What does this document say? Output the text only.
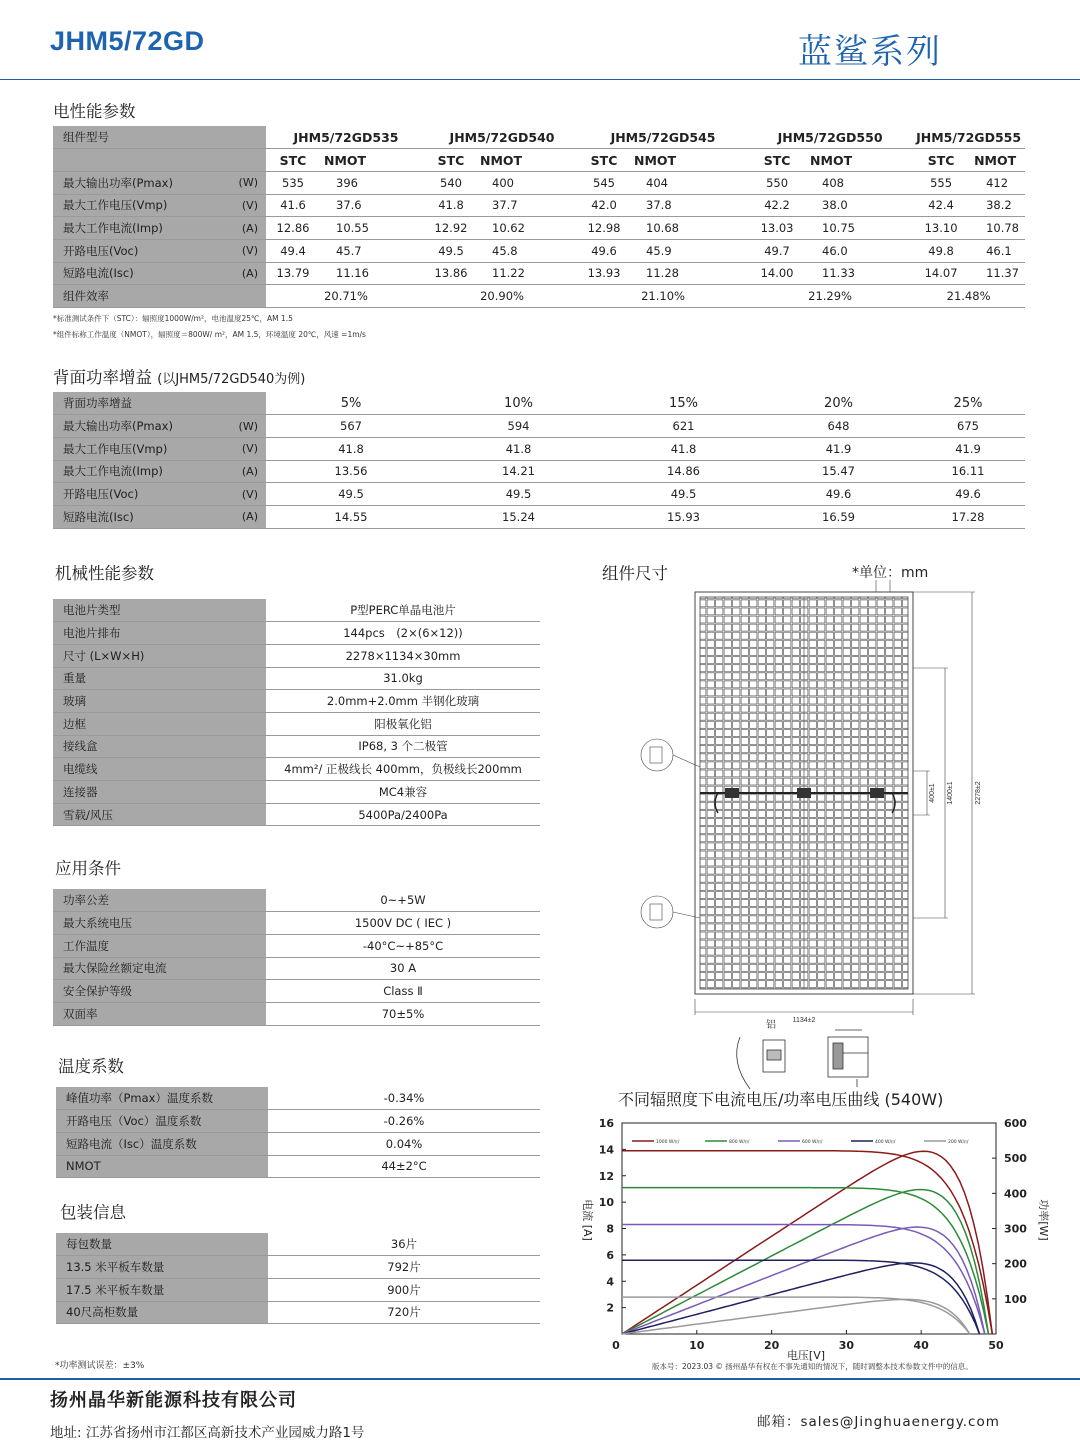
JHM5/72GD	蓝鲨系列
电性能参数
组件型号		JHM5/72GD535		JHM5/72GD540		JHM5/72GD545		JHM5/72GD550		JHM5/72GD555	
		STC	NMOT	STC	NMOT	STC	NMOT	STC	NMOT	STC	NMOT
最大输出功率(Pmax)	(W)	535	396	540	400	545	404	550	408	555	412
最大工作电压(Vmp)	(V)	41.6	37.6	41.8	37.7	42.0	37.8	42.2	38.0	42.4	38.2
最大工作电流(Imp)	(A)	12.86	10.55	12.92	10.62	12.98	10.68	13.03	10.75	13.10	10.78
开路电压(Voc)	(V)	49.4	45.7	49.5	45.8	49.6	45.9	49.7	46.0	49.8	46.1
短路电流(Isc)	(A)	13.79	11.16	13.86	11.22	13.93	11.28	14.00	11.33	14.07	11.37
组件效率		20.71%		20.90%		21.10%		21.29%		21.48%	
*标准测试条件下（STC）：辐照度1000W/m²，电池温度25℃，AM 1.5
*组件标称工作温度（NMOT），辐照度＝800W/ m²，AM 1.5，环境温度 20℃，风速 =1m/s
背面功率增益 (以JHM5/72GD540为例)
背面功率增益		5%	10%	15%	20%	25%
最大输出功率(Pmax)	(W)	567	594	621	648	675
最大工作电压(Vmp)	(V)	41.8	41.8	41.8	41.9	41.9
最大工作电流(Imp)	(A)	13.56	14.21	14.86	15.47	16.11
开路电压(Voc)	(V)	49.5	49.5	49.5	49.6	49.6
短路电流(Isc)	(A)	14.55	15.24	15.93	16.59	17.28
机械性能参数
电池片类型	P型PERC单晶电池片
电池片排布	144pcs　(2×(6×12))
尺寸 (L×W×H)	2278×1134×30mm
重量	31.0kg
玻璃	2.0mm+2.0mm 半钢化玻璃
边框	阳极氧化铝
接线盒	IP68, 3 个二极管
电缆线	4mm²/ 正极线长 400mm，负极线长200mm
连接器	MC4兼容
雪载/风压	5400Pa/2400Pa
应用条件
功率公差	0~+5W
最大系统电压	1500V DC ( IEC )
工作温度	-40°C~+85°C
最大保险丝额定电流	30 A
安全保护等级	Class Ⅱ
双面率	70±5%
温度系数
峰值功率（Pmax）温度系数	-0.34%
开路电压（Voc）温度系数	-0.26%
短路电流（Isc）温度系数	0.04%
NMOT	44±2°C
包装信息
每包数量	36片
13.5 米平板车数量	792片
17.5 米平板车数量	900片
40尺高柜数量	720片
*功率测试误差：±3%
组件尺寸	*单位：mm
1134±2
2278±2
1400±1
400±1
铝
不同辐照度下电流电压/功率电压曲线 (540W)
电流 [A]	功率[W]
电压[V]
0	10	20	30	40	50
2
4
6
8
10
12
14
16
100
200
300
400
500
600
1000 W/㎡	800 W/㎡	600 W/㎡	400 W/㎡	200 W/㎡
版本号：2023.03 © 扬州晶华有权在不事先通知的情况下，随时调整本技术参数文件中的信息。
扬州晶华新能源科技有限公司
地址: 江苏省扬州市江都区高新技术产业园威力路1号
邮箱：sales@Jinghuaenergy.com
